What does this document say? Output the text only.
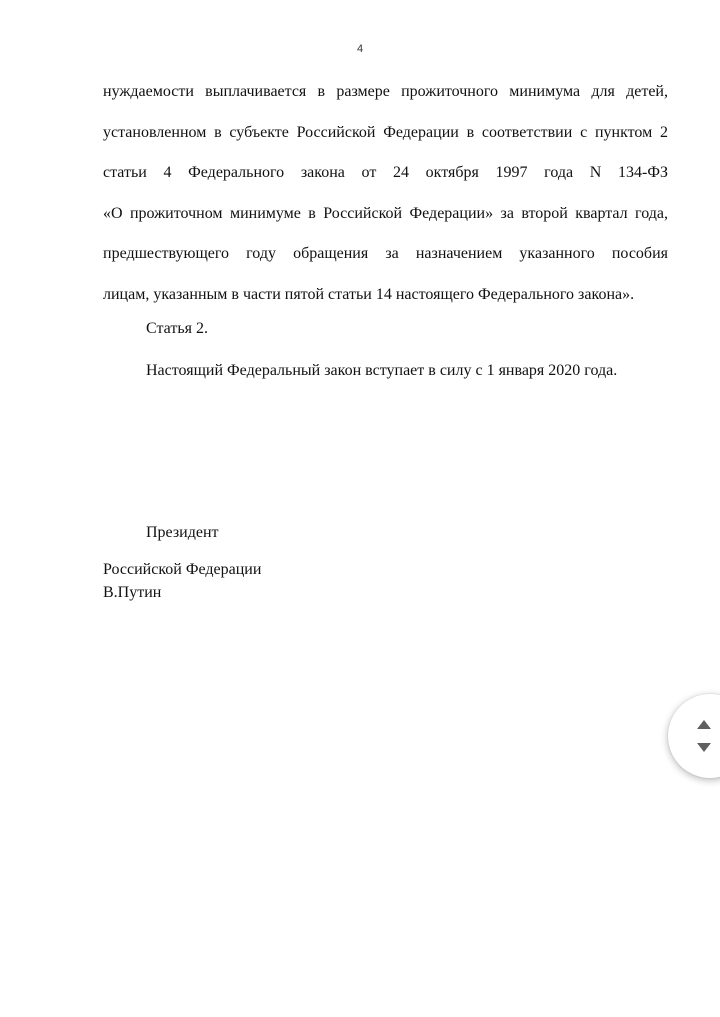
4
нуждаемости выплачивается в размере прожиточного минимума для детей,
установленном в субъекте Российской Федерации в соответствии с пунктом 2
статьи 4 Федерального закона от 24 октября 1997 года N 134-ФЗ
«О прожиточном минимуме в Российской Федерации» за второй квартал года,
предшествующего году обращения за назначением указанного пособия
лицам, указанным в части пятой статьи 14 настоящего Федерального закона».
Статья 2.
Настоящий Федеральный закон вступает в силу с 1 января 2020 года.
Президент
Российской Федерации
В.Путин
